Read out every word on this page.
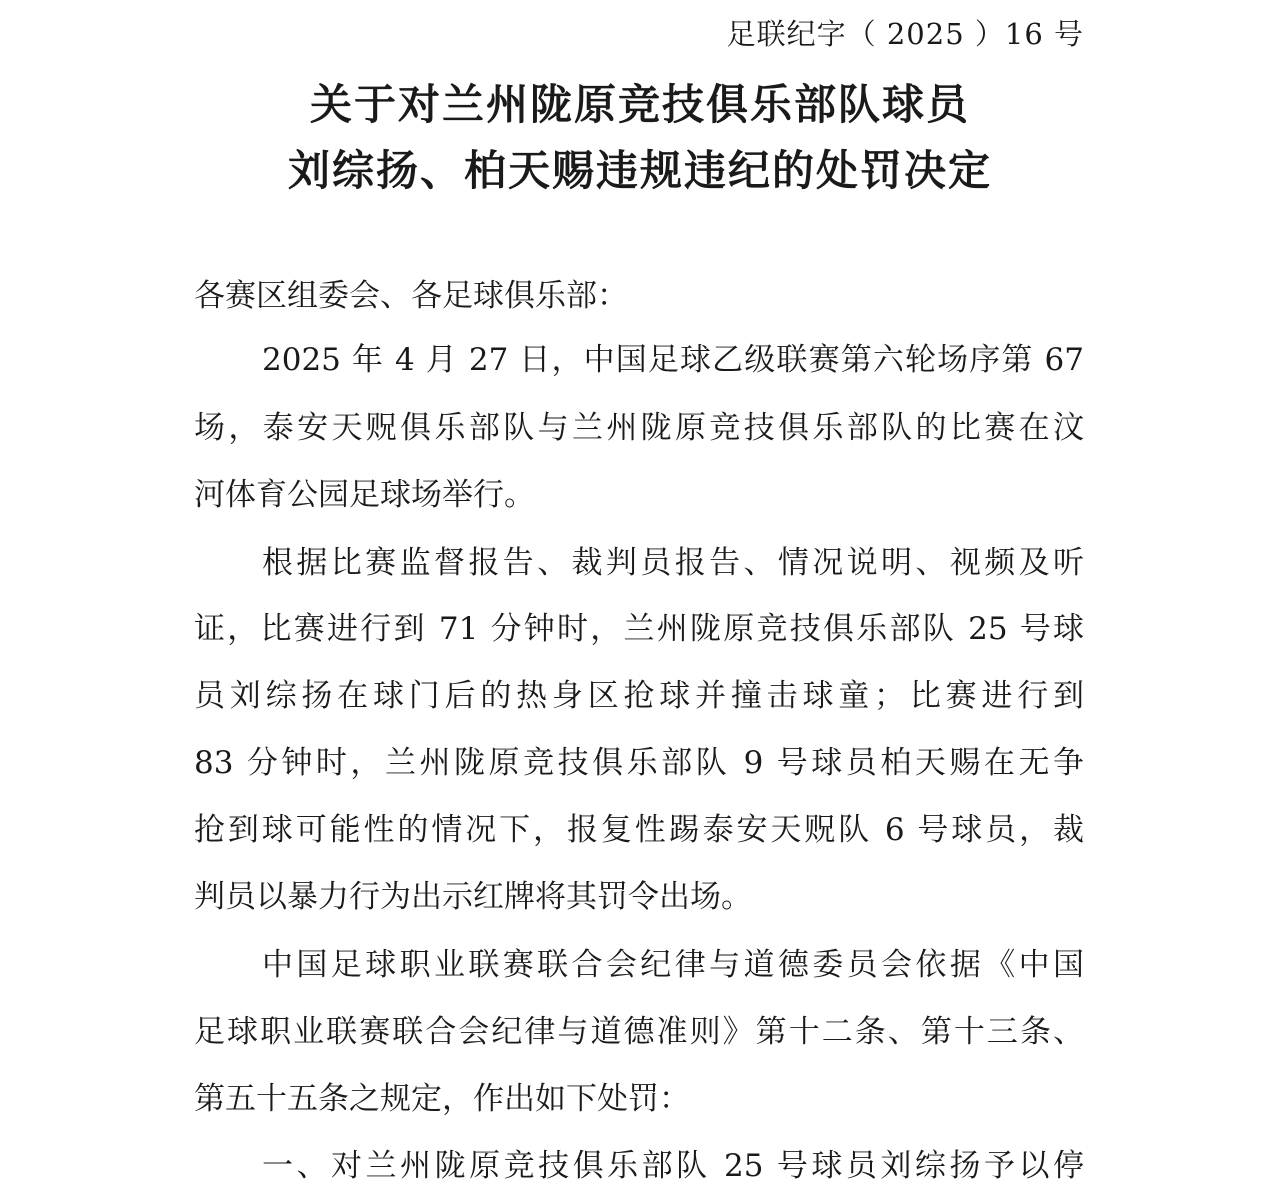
足联纪字（ 2025 ）16 号
关于对兰州陇原竞技俱乐部队球员
刘综扬、柏天赐违规违纪的处罚决定
各赛区组委会、各足球俱乐部：
2025 年 4 月 27 日，中国足球乙级联赛第六轮场序第 67
场，泰安天贶俱乐部队与兰州陇原竞技俱乐部队的比赛在汶
河体育公园足球场举行。
根据比赛监督报告、裁判员报告、情况说明、视频及听
证，比赛进行到 71 分钟时，兰州陇原竞技俱乐部队 25 号球
员刘综扬在球门后的热身区抢球并撞击球童；比赛进行到
83 分钟时，兰州陇原竞技俱乐部队 9 号球员柏天赐在无争
抢到球可能性的情况下，报复性踢泰安天贶队 6 号球员，裁
判员以暴力行为出示红牌将其罚令出场。
中国足球职业联赛联合会纪律与道德委员会依据《中国
足球职业联赛联合会纪律与道德准则》第十二条、第十三条、
第五十五条之规定，作出如下处罚：
一、对兰州陇原竞技俱乐部队 25 号球员刘综扬予以停
